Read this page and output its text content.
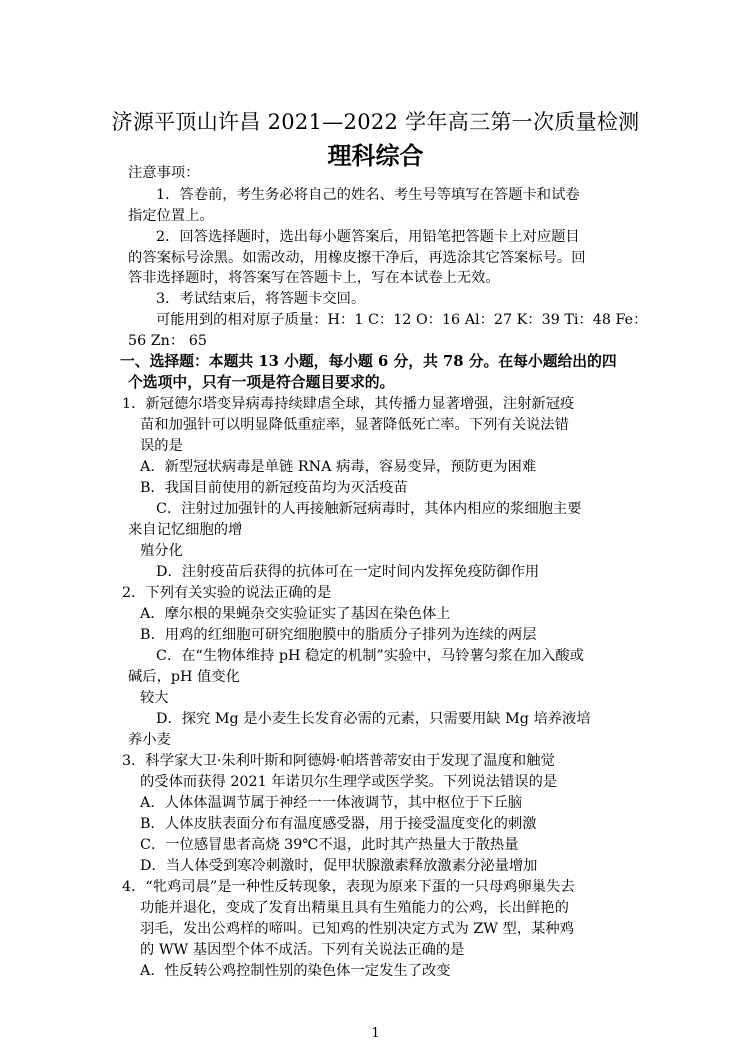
济源平顶山许昌 2021—2022 学年高三第一次质量检测
理科综合
注意事项：
1．答卷前，考生务必将自己的姓名、考生号等填写在答题卡和试卷
指定位置上。
2．回答选择题时，选出每小题答案后，用铅笔把答题卡上对应题目
的答案标号涂黑。如需改动，用橡皮擦干净后，再选涂其它答案标号。回
答非选择题时，将答案写在答题卡上，写在本试卷上无效。
3．考试结束后，将答题卡交回。
可能用到的相对原子质量：H：1 C：12 O：16 Al：27 K：39 Ti：48 Fe：
56 Zn： 65
一、选择题：本题共 13 小题，每小题 6 分，共 78 分。在每小题给出的四
个选项中，只有一项是符合题目要求的。
1．新冠德尔塔变异病毒持续肆虐全球，其传播力显著增强，注射新冠疫
苗和加强针可以明显降低重症率，显著降低死亡率。下列有关说法错
误的是
A．新型冠状病毒是单链 RNA 病毒，容易变异，预防更为困难
B．我国目前使用的新冠疫苗均为灭活疫苗
C．注射过加强针的人再接触新冠病毒时，其体内相应的浆细胞主要
来自记忆细胞的增
殖分化
D．注射疫苗后获得的抗体可在一定时间内发挥免疫防御作用
2．下列有关实验的说法正确的是
A．摩尔根的果蝇杂交实验证实了基因在染色体上
B．用鸡的红细胞可研究细胞膜中的脂质分子排列为连续的两层
C．在“生物体维持 pH 稳定的机制”实验中，马铃薯匀浆在加入酸或
碱后，pH 值变化
较大
D．探究 Mg 是小麦生长发育必需的元素，只需要用缺 Mg 培养液培
养小麦
3．科学家大卫·朱利叶斯和阿德姆·帕塔普蒂安由于发现了温度和触觉
的受体而获得 2021 年诺贝尔生理学或医学奖。下列说法错误的是
A．人体体温调节属于神经一一体液调节，其中枢位于下丘脑
B．人体皮肤表面分布有温度感受器，用于接受温度变化的刺激
C．一位感冒患者高烧 39℃不退，此时其产热量大于散热量
D．当人体受到寒冷刺激时，促甲状腺激素释放激素分泌量增加
4．“牝鸡司晨”是一种性反转现象，表现为原来下蛋的一只母鸡卵巢失去
功能并退化，变成了发育出精巢且具有生殖能力的公鸡，长出鲜艳的
羽毛，发出公鸡样的啼叫。已知鸡的性别决定方式为 ZW 型，某种鸡
的 WW 基因型个体不成活。下列有关说法正确的是
A．性反转公鸡控制性别的染色体一定发生了改变
1
